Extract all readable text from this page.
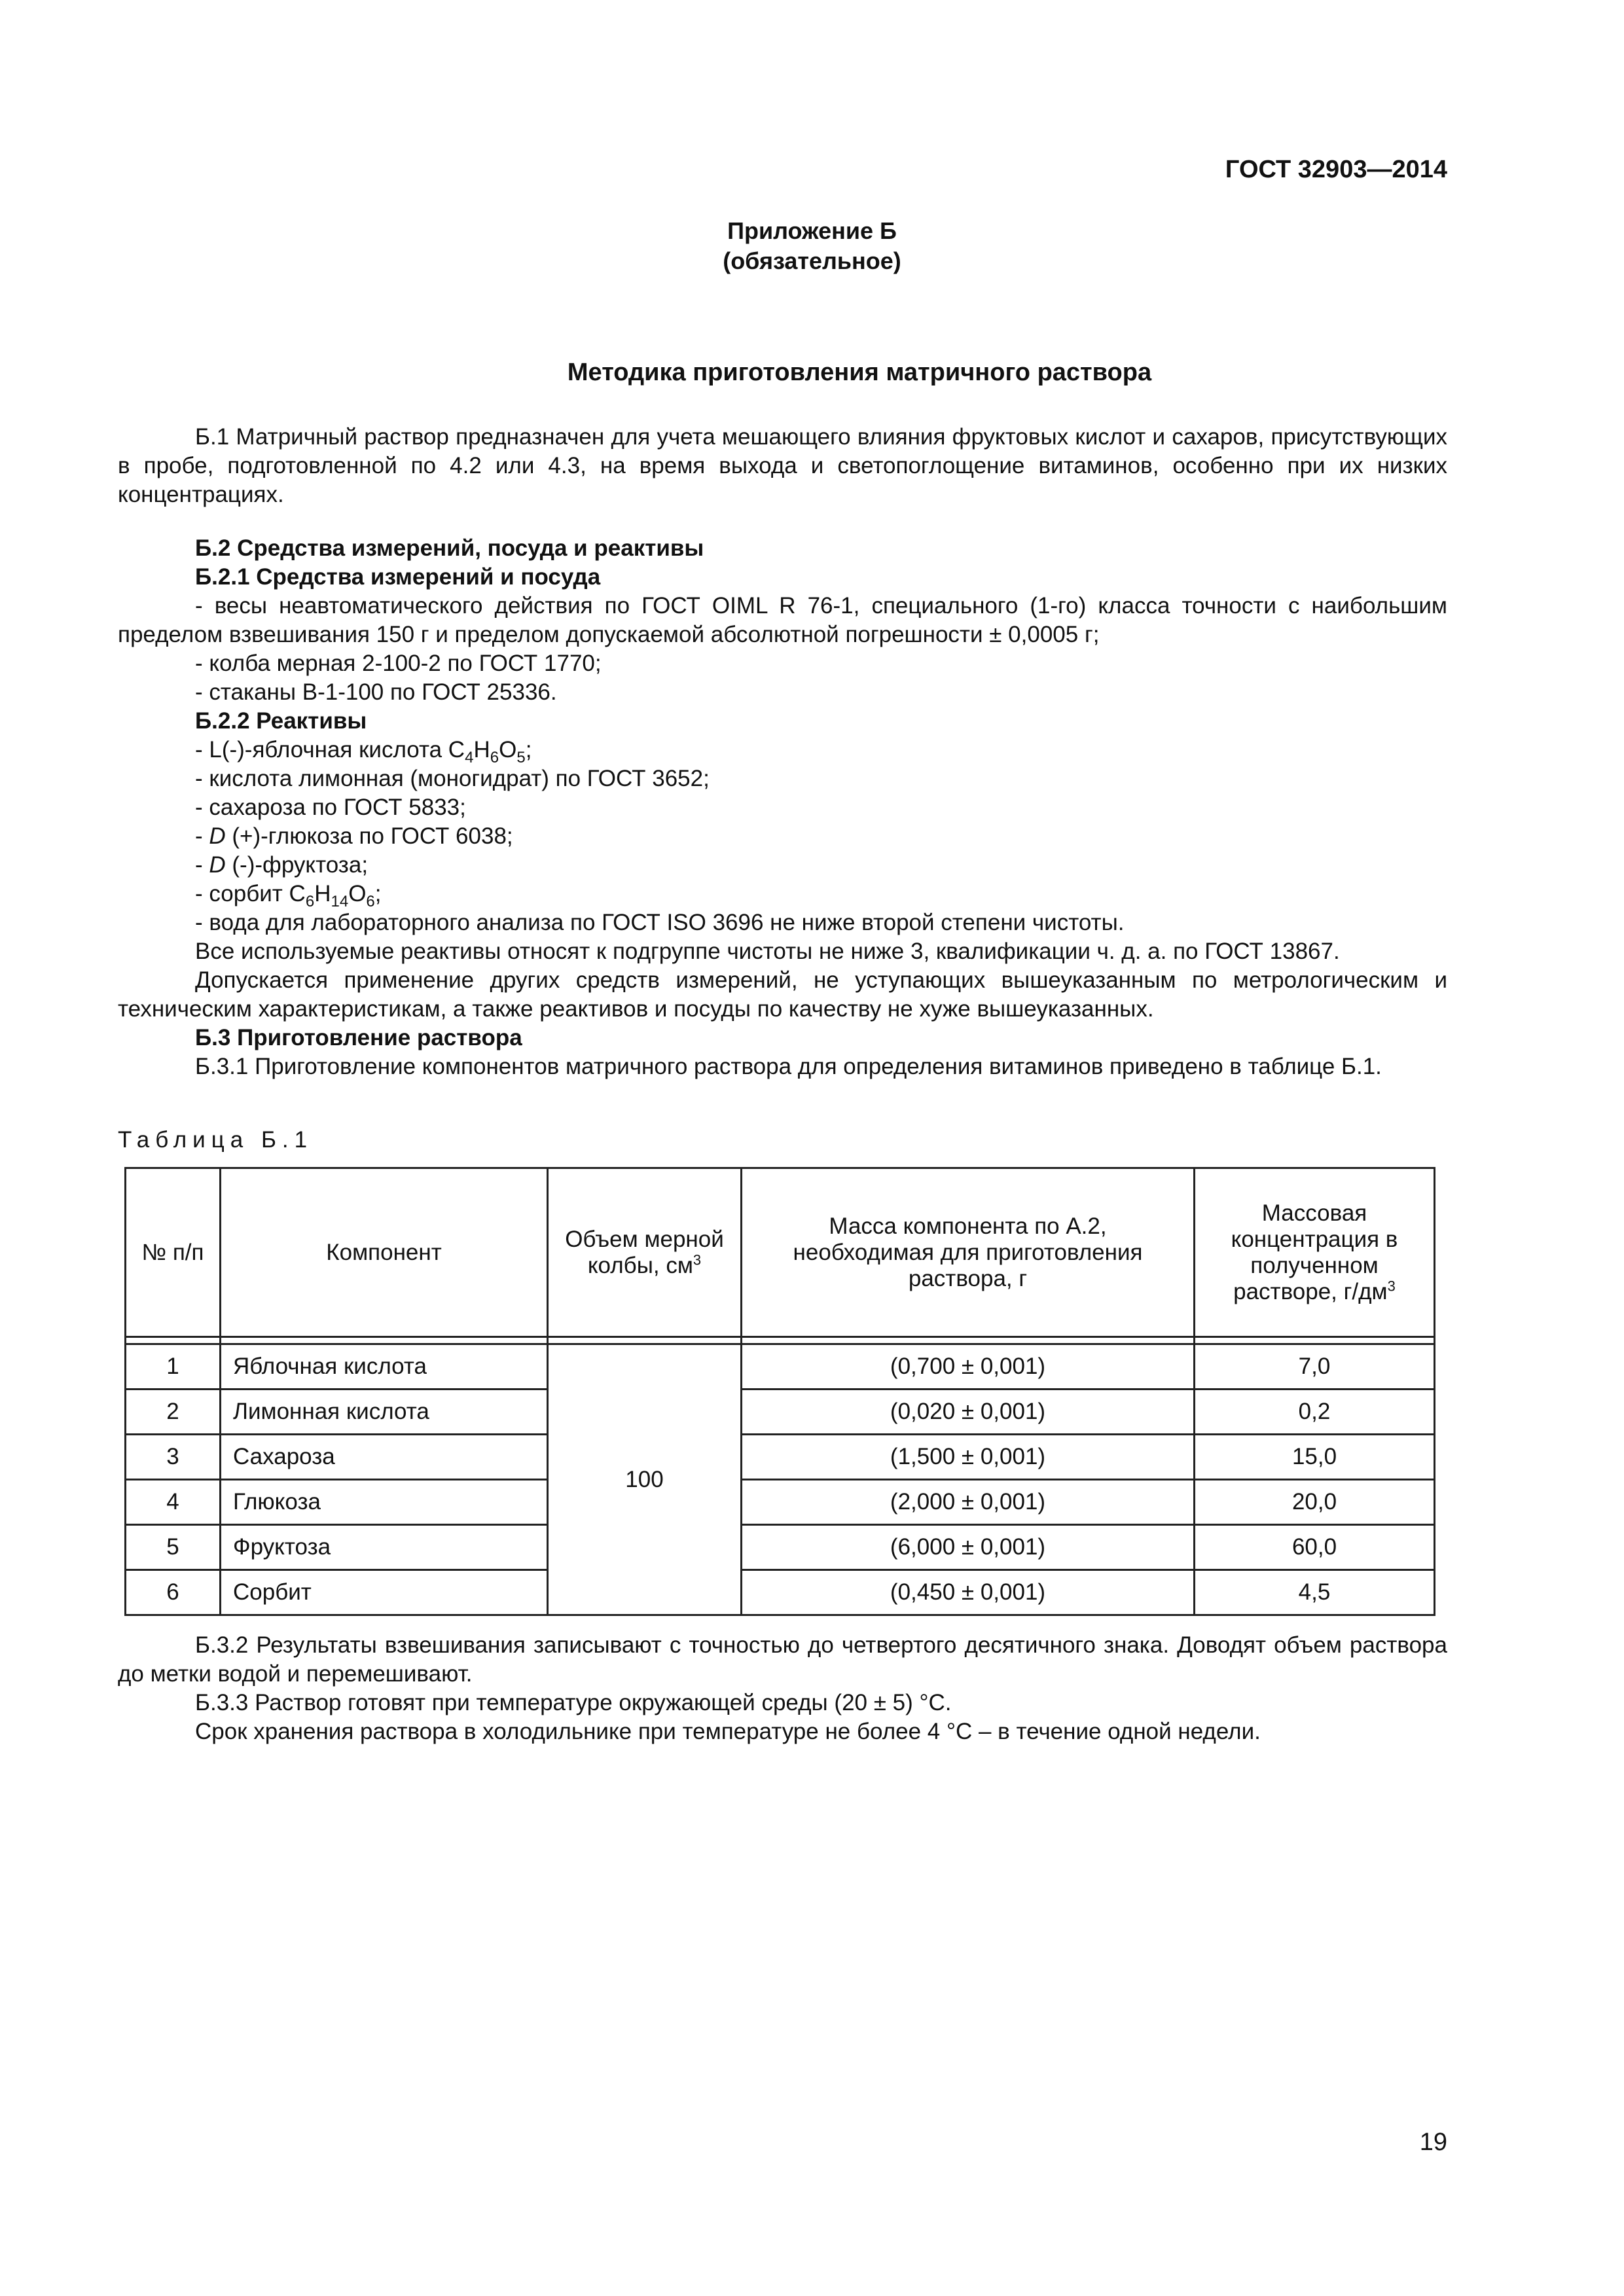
ГОСТ 32903—2014
Приложение Б
(обязательное)
Методика приготовления матричного раствора

Б.1 Матричный раствор предназначен для учета мешающего влияния фруктовых кислот и сахаров, присутствующих в пробе, подготовленной по 4.2 или 4.3, на время выхода и светопоглощение витаминов, особенно при их низких концентрациях.

Б.2 Средства измерений, посуда и реактивы

Б.2.1 Средства измерений и посуда

- весы неавтоматического действия по ГОСТ OIML R 76-1, специального (1-го) класса точности с наибольшим пределом взвешивания 150 г и пределом допускаемой абсолютной погрешности ± 0,0005 г;

- колба мерная 2-100-2 по ГОСТ 1770;

- стаканы В-1-100 по ГОСТ 25336.

Б.2.2 Реактивы

- L(-)-яблочная кислота $С_4H_6O_5$;

- кислота лимонная (моногидрат) по ГОСТ 3652;

- сахароза по ГОСТ 5833;

- D (+)-глюкоза по ГОСТ 6038;

- D (-)-фруктоза;

- сорбит $С_6H_{14}O_6$;

- вода для лабораторного анализа по ГОСТ ISO 3696 не ниже второй степени чистоты.

Все используемые реактивы относят к подгруппе чистоты не ниже 3, квалификации ч. д. а. по ГОСТ 13867.

Допускается применение других средств измерений, не уступающих вышеуказанным по метрологическим и техническим характеристикам, а также реактивов и посуды по качеству не хуже вышеуказанных.

Б.3 Приготовление раствора

Б.3.1 Приготовление компонентов матричного раствора для определения витаминов приведено в таблице Б.1.

Таблица Б.1
№ п/п	Компонент	Объем мерной колбы, $см^3$	Масса компонента по А.2, необходимая для приготовления раствора, г	Массовая концентрация в полученном растворе, $г/дм^3$

1	Яблочная кислота	100	(0,700 ± 0,001)	7,0
2	Лимонная кислота		(0,020 ± 0,001)	0,2
3	Сахароза		(1,500 ± 0,001)	15,0
4	Глюкоза		(2,000 ± 0,001)	20,0
5	Фруктоза		(6,000 ± 0,001)	60,0
6	Сорбит		(0,450 ± 0,001)	4,5

Б.3.2 Результаты взвешивания записывают с точностью до четвертого десятичного знака. Доводят объем раствора до метки водой и перемешивают.

Б.3.3 Раствор готовят при температуре окружающей среды (20 ± 5) °С.

Срок хранения раствора в холодильнике при температуре не более 4 °С – в течение одной недели.

19
